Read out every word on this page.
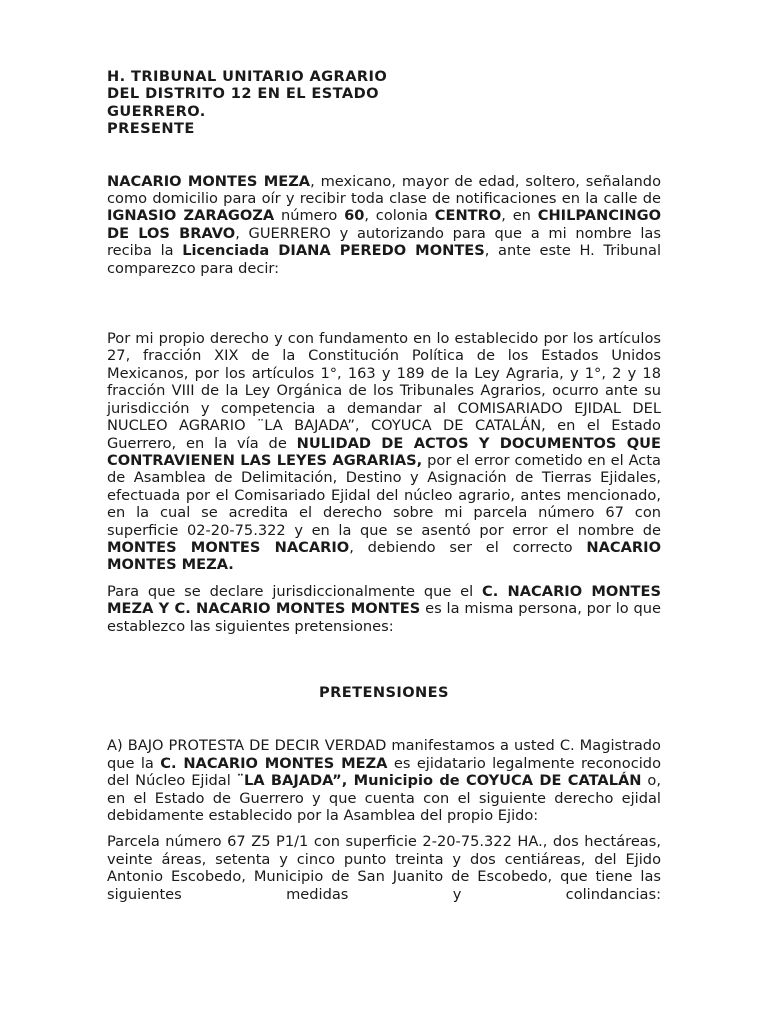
H. TRIBUNAL UNITARIO AGRARIO
DEL DISTRITO 12 EN EL ESTADO
GUERRERO.
PRESENTE

NACARIO MONTES MEZA, mexicano, mayor de edad, soltero, señalando como domicilio para oír y recibir toda clase de notificaciones en la calle de IGNASIO ZARAGOZA número 60, colonia CENTRO, en CHILPANCINGO DE LOS BRAVO, GUERRERO y autorizando para que a mi nombre las reciba la Licenciada DIANA PEREDO MONTES, ante este H. Tribunal comparezco para decir:

Por mi propio derecho y con fundamento en lo establecido por los artículos 27, fracción XIX de la Constitución Política de los Estados Unidos Mexicanos, por los artículos 1°, 163 y 189 de la Ley Agraria, y 1°, 2 y 18 fracción VIII de la Ley Orgánica de los Tribunales Agrarios, ocurro ante su jurisdicción y competencia a demandar al COMISARIADO EJIDAL DEL NUCLEO AGRARIO ¨LA BAJADA”, COYUCA DE CATALÁN, en el Estado Guerrero, en la vía de NULIDAD DE ACTOS Y DOCUMENTOS QUE CONTRAVIENEN LAS LEYES AGRARIAS, por el error cometido en el Acta de Asamblea de Delimitación, Destino y Asignación de Tierras Ejidales, efectuada por el Comisariado Ejidal del núcleo agrario, antes mencionado, en la cual se acredita el derecho sobre mi parcela número 67 con superficie 02-20-75.322 y en la que se asentó por error el nombre de MONTES MONTES NACARIO, debiendo ser el correcto NACARIO MONTES MEZA.

Para que se declare jurisdiccionalmente que el C. NACARIO MONTES MEZA Y C. NACARIO MONTES MONTES es la misma persona, por lo que establezco las siguientes pretensiones:

PRETENSIONES

A) BAJO PROTESTA DE DECIR VERDAD manifestamos a usted C. Magistrado que la C. NACARIO MONTES MEZA es ejidatario legalmente reconocido del Núcleo Ejidal ¨LA BAJADA”, Municipio de COYUCA DE CATALÁN o, en el Estado de Guerrero y que cuenta con el siguiente derecho ejidal debidamente establecido por la Asamblea del propio Ejido:

Parcela número 67 Z5 P1/1 con superficie 2-20-75.322 HA., dos hectáreas, veinte áreas, setenta y cinco punto treinta y dos centiáreas, del Ejido Antonio Escobedo, Municipio de San Juanito de Escobedo, que tiene las siguientes medidas y colindancias:
